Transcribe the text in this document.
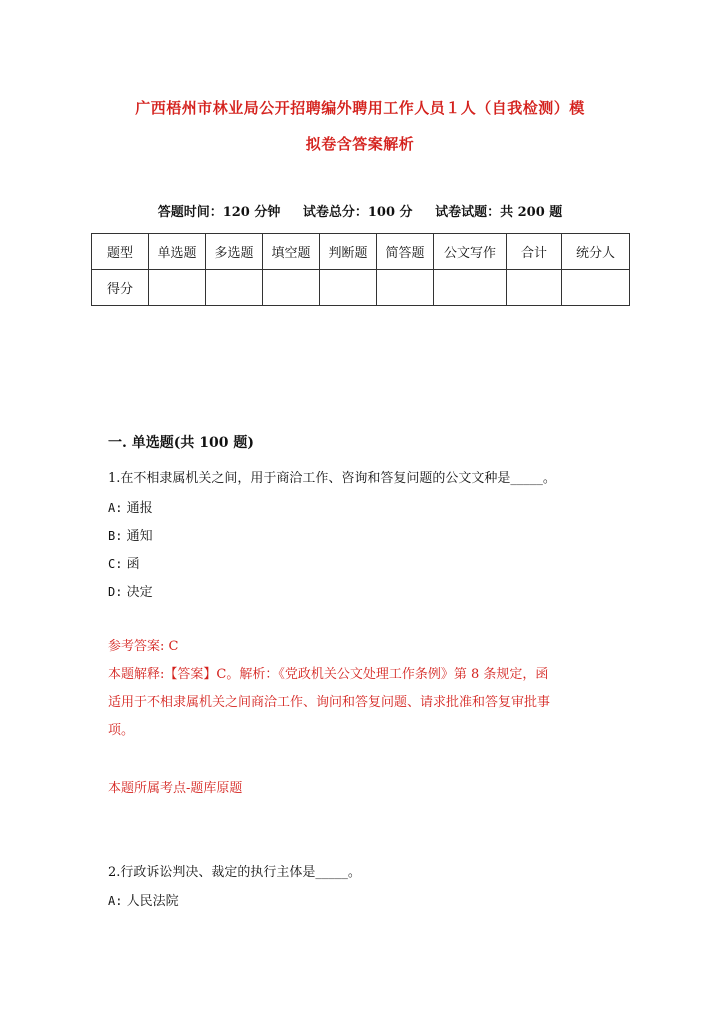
广西梧州市林业局公开招聘编外聘用工作人员１人（自我检测）模
拟卷含答案解析
答题时间：120 分钟 试卷总分：100 分 试卷试题：共 200 题
题型	单选题	多选题	填空题	判断题	简答题	公文写作	合计	统分人
得分								
一. 单选题(共 100 题)
1.在不相隶属机关之间，用于商洽工作、咨询和答复问题的公文文种是_____。
A: 通报
B: 通知
C: 函
D: 决定
参考答案: C
本题解释:【答案】C。解析：《党政机关公文处理工作条例》第 8 条规定，函
适用于不相隶属机关之间商洽工作、询问和答复问题、请求批准和答复审批事
项。
本题所属考点-题库原题
2.行政诉讼判决、裁定的执行主体是_____。
A: 人民法院
